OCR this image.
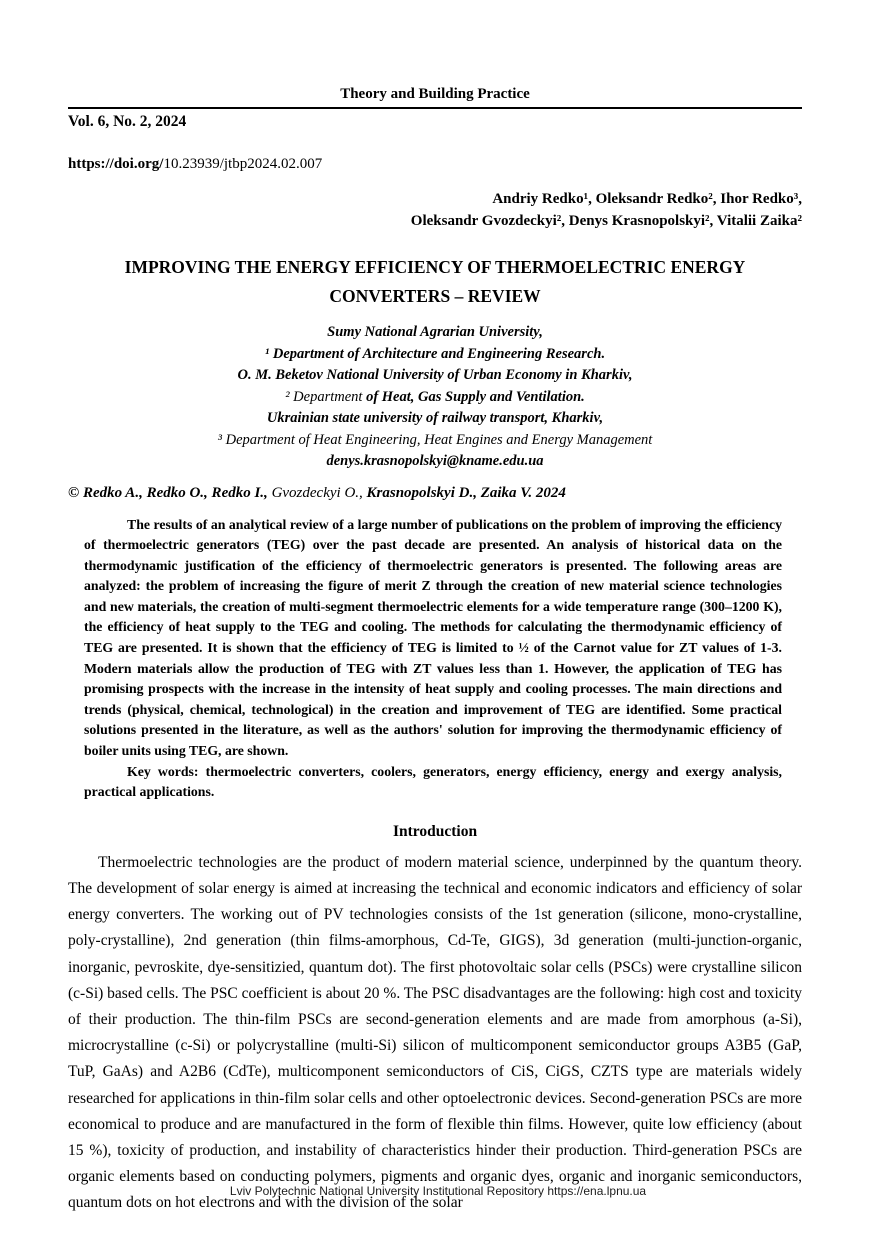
Theory and Building Practice
Vol. 6, No. 2, 2024
https://doi.org/10.23939/jtbp2024.02.007
Andriy Redko¹, Oleksandr Redko², Ihor Redko³,
Oleksandr Gvozdeckyi², Denys Krasnopolskyi², Vitalii Zaika²
IMPROVING THE ENERGY EFFICIENCY OF THERMOELECTRIC ENERGY CONVERTERS – REVIEW
Sumy National Agrarian University,
¹ Department of Architecture and Engineering Research.
O. M. Beketov National University of Urban Economy in Kharkiv,
² Department of Heat, Gas Supply and Ventilation.
Ukrainian state university of railway transport, Kharkiv,
³ Department of Heat Engineering, Heat Engines and Energy Management
denys.krasnopolskyi@kname.edu.ua
© Redko A., Redko O., Redko I., Gvozdeckyi O., Krasnopolskyi D., Zaika V. 2024

The results of an analytical review of a large number of publications on the problem of improving the efficiency of thermoelectric generators (TEG) over the past decade are presented. An analysis of historical data on the thermodynamic justification of the efficiency of thermoelectric generators is presented. The following areas are analyzed: the problem of increasing the figure of merit Z through the creation of new material science technologies and new materials, the creation of multi-segment thermoelectric elements for a wide temperature range (300–1200 K), the efficiency of heat supply to the TEG and cooling. The methods for calculating the thermodynamic efficiency of TEG are presented. It is shown that the efficiency of TEG is limited to ½ of the Carnot value for ZT values of 1-3. Modern materials allow the production of TEG with ZT values less than 1. However, the application of TEG has promising prospects with the increase in the intensity of heat supply and cooling processes. The main directions and trends (physical, chemical, technological) in the creation and improvement of TEG are identified. Some practical solutions presented in the literature, as well as the authors' solution for improving the thermodynamic efficiency of boiler units using TEG, are shown.

Key words: thermoelectric converters, coolers, generators, energy efficiency, energy and exergy analysis, practical applications.

Introduction

Thermoelectric technologies are the product of modern material science, underpinned by the quantum theory. The development of solar energy is aimed at increasing the technical and economic indicators and efficiency of solar energy converters. The working out of PV technologies consists of the 1st generation (silicone, mono-crystalline, poly-crystalline), 2nd generation (thin films-amorphous, Cd-Te, GIGS), 3d generation (multi-junction-organic, inorganic, pevroskite, dye-sensitizied, quantum dot). The first photovoltaic solar cells (PSCs) were crystalline silicon (c-Si) based cells. The PSC coefficient is about 20 %. The PSC disadvantages are the following: high cost and toxicity of their production. The thin-film PSCs are second-generation elements and are made from amorphous (a-Si), microcrystalline (c-Si) or polycrystalline (multi-Si) silicon of multicomponent semiconductor groups A3B5 (GaP, TuP, GaAs) and A2B6 (CdTe), multicomponent semiconductors of CiS, CiGS, CZTS type are materials widely researched for applications in thin-film solar cells and other optoelectronic devices. Second-generation PSCs are more economical to produce and are manufactured in the form of flexible thin films. However, quite low efficiency (about 15 %), toxicity of production, and instability of characteristics hinder their production. Third-generation PSCs are organic elements based on conducting polymers, pigments and organic dyes, organic and inorganic semiconductors, quantum dots on hot electrons and with the division of the solar

Lviv Polytechnic National University Institutional Repository https://ena.lpnu.ua
